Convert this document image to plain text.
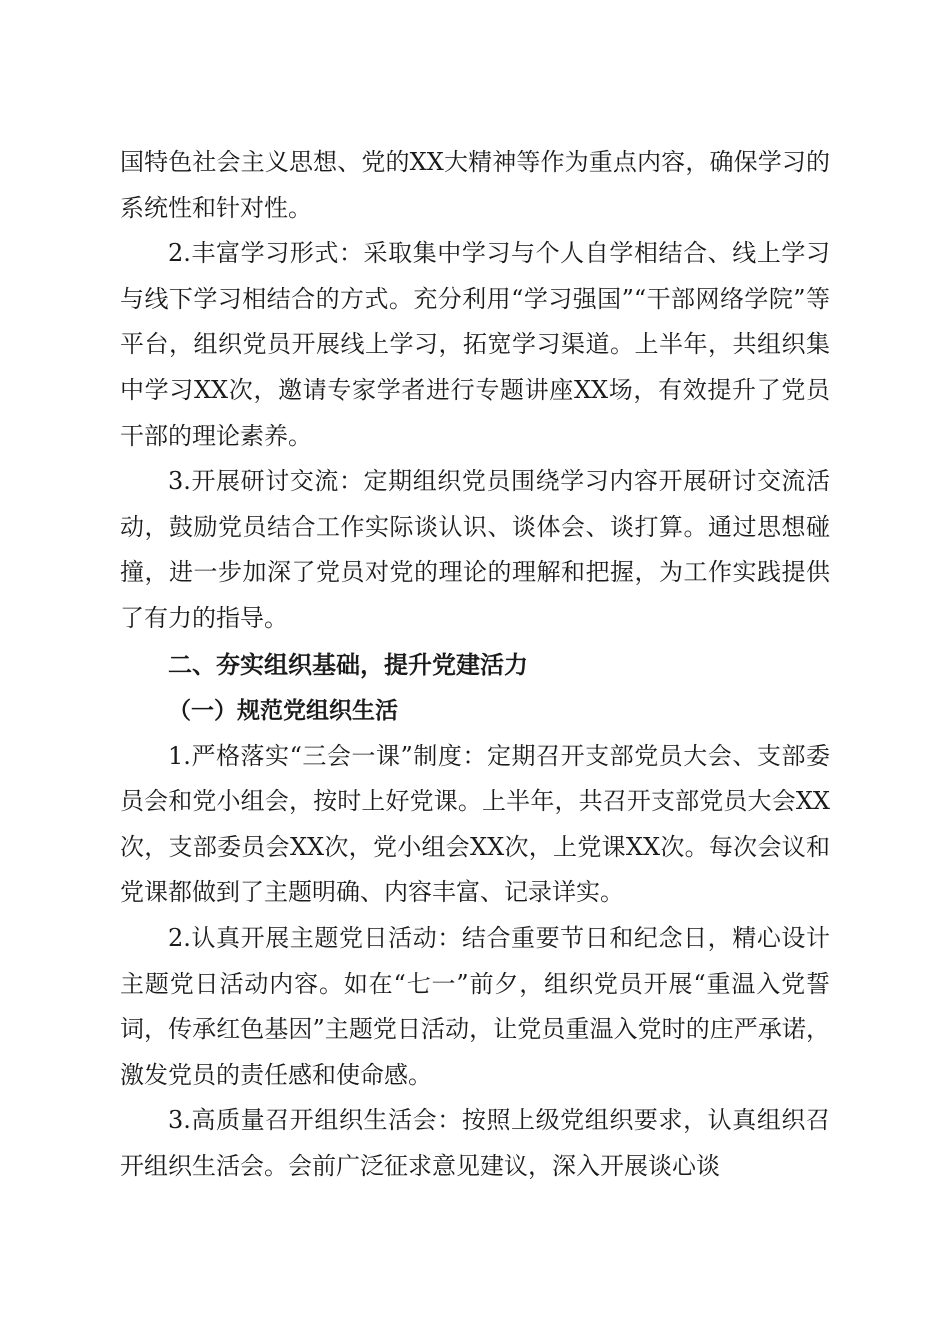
国特色社会主义思想、党的XX大精神等作为重点内容，确保学习的系统性和针对性。

2.丰富学习形式：采取集中学习与个人自学相结合、线上学习与线下学习相结合的方式。充分利用“学习强国”“干部网络学院”等平台，组织党员开展线上学习，拓宽学习渠道。上半年，共组织集中学习XX次，邀请专家学者进行专题讲座XX场，有效提升了党员干部的理论素养。

3.开展研讨交流：定期组织党员围绕学习内容开展研讨交流活动，鼓励党员结合工作实际谈认识、谈体会、谈打算。通过思想碰撞，进一步加深了党员对党的理论的理解和把握，为工作实践提供了有力的指导。

二、夯实组织基础，提升党建活力

（一）规范党组织生活

1.严格落实“三会一课”制度：定期召开支部党员大会、支部委员会和党小组会，按时上好党课。上半年，共召开支部党员大会XX次，支部委员会XX次，党小组会XX次，上党课XX次。每次会议和党课都做到了主题明确、内容丰富、记录详实。

2.认真开展主题党日活动：结合重要节日和纪念日，精心设计主题党日活动内容。如在“七一”前夕，组织党员开展“重温入党誓词，传承红色基因”主题党日活动，让党员重温入党时的庄严承诺，激发党员的责任感和使命感。

3.高质量召开组织生活会：按照上级党组织要求，认真组织召开组织生活会。会前广泛征求意见建议，深入开展谈心谈
